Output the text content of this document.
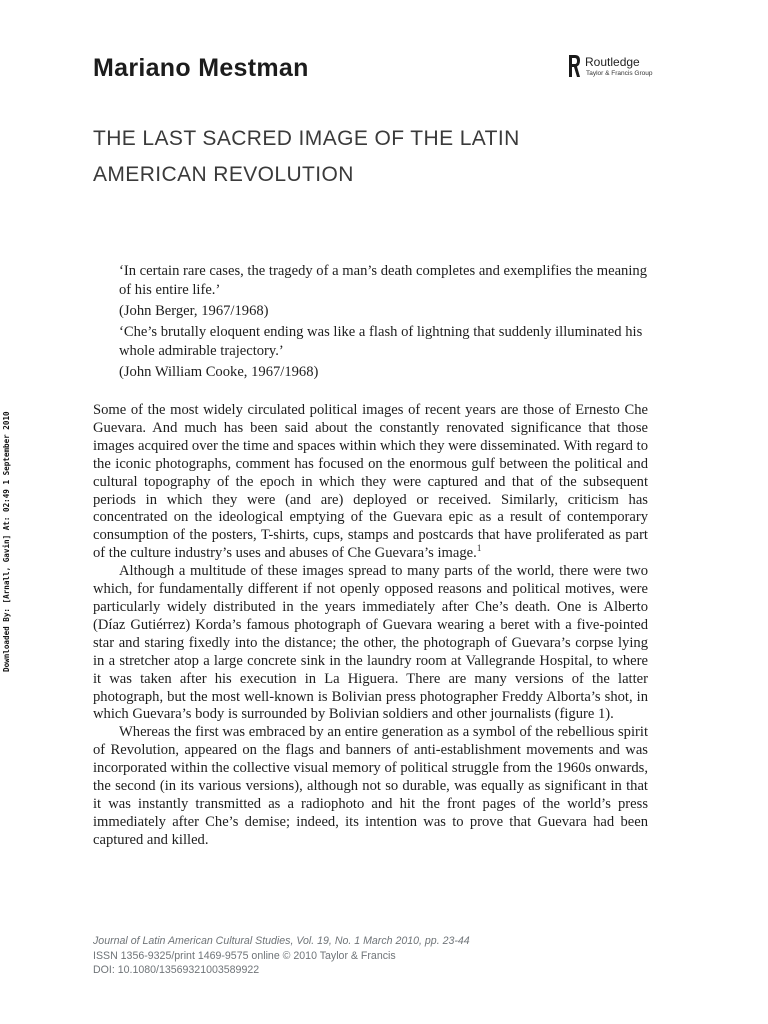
Mariano Mestman	Routledge
Taylor & Francis Group
THE LAST SACRED IMAGE OF THE LATIN
AMERICAN REVOLUTION

‘In certain rare cases, the tragedy of a man’s death completes and exemplifies the meaning of his entire life.’

(John Berger, 1967/1968)

‘Che’s brutally eloquent ending was like a flash of lightning that suddenly illuminated his whole admirable trajectory.’

(John William Cooke, 1967/1968)

Downloaded By: [Arnall, Gavin] At: 02:49 1 September 2010

Some of the most widely circulated political images of recent years are those of Ernesto Che Guevara. And much has been said about the constantly renovated significance that those images acquired over the time and spaces within which they were disseminated. With regard to the iconic photographs, comment has focused on the enormous gulf between the political and cultural topography of the epoch in which they were captured and that of the subsequent periods in which they were (and are) deployed or received. Similarly, criticism has concentrated on the ideological emptying of the Guevara epic as a result of contemporary consumption of the posters, T-shirts, cups, stamps and postcards that have proliferated as part of the culture industry’s uses and abuses of Che Guevara’s image.$^1$

Although a multitude of these images spread to many parts of the world, there were two which, for fundamentally different if not openly opposed reasons and political motives, were particularly widely distributed in the years immediately after Che’s death. One is Alberto (Díaz Gutiérrez) Korda’s famous photograph of Guevara wearing a beret with a five-pointed star and staring fixedly into the distance; the other, the photograph of Guevara’s corpse lying in a stretcher atop a large concrete sink in the laundry room at Vallegrande Hospital, to where it was taken after his execution in La Higuera. There are many versions of the latter photograph, but the most well-known is Bolivian press photographer Freddy Alborta’s shot, in which Guevara’s body is surrounded by Bolivian soldiers and other journalists (figure 1).

Whereas the first was embraced by an entire generation as a symbol of the rebellious spirit of Revolution, appeared on the flags and banners of anti-establishment movements and was incorporated within the collective visual memory of political struggle from the 1960s onwards, the second (in its various versions), although not so durable, was equally as significant in that it was instantly transmitted as a radiophoto and hit the front pages of the world’s press immediately after Che’s demise; indeed, its intention was to prove that Guevara had been captured and killed.

Journal of Latin American Cultural Studies, Vol. 19, No. 1 March 2010, pp. 23-44
ISSN 1356-9325/print 1469-9575 online © 2010 Taylor & Francis
DOI: 10.1080/13569321003589922
